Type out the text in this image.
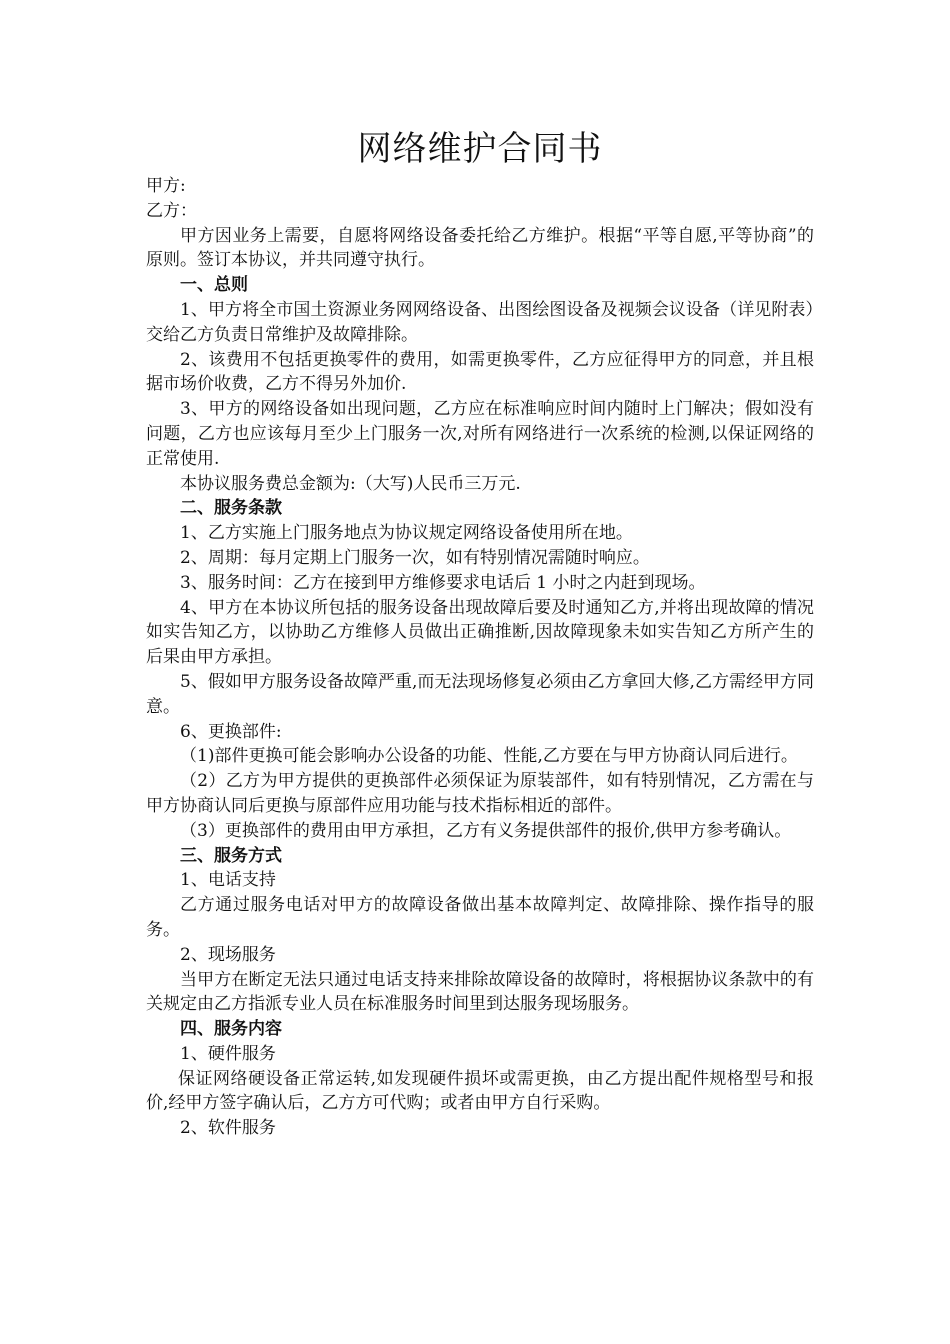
网络维护合同书

甲方:

乙方：

甲方因业务上需要，自愿将网络设备委托给乙方维护。根据“平等自愿,平等协商”的原则。签订本协议，并共同遵守执行。

一、总则

1、甲方将全市国土资源业务网网络设备、出图绘图设备及视频会议设备（详见附表）交给乙方负责日常维护及故障排除。

2、该费用不包括更换零件的费用，如需更换零件，乙方应征得甲方的同意，并且根据市场价收费，乙方不得另外加价.

3、甲方的网络设备如出现问题，乙方应在标准响应时间内随时上门解决；假如没有问题，乙方也应该每月至少上门服务一次,对所有网络进行一次系统的检测,以保证网络的正常使用.

本协议服务费总金额为:（大写)人民币三万元.

二、服务条款

1、乙方实施上门服务地点为协议规定网络设备使用所在地。

2、周期：每月定期上门服务一次，如有特别情况需随时响应。

3、服务时间：乙方在接到甲方维修要求电话后 1 小时之内赶到现场。

4、甲方在本协议所包括的服务设备出现故障后要及时通知乙方,并将出现故障的情况如实告知乙方，以协助乙方维修人员做出正确推断,因故障现象未如实告知乙方所产生的后果由甲方承担。

5、假如甲方服务设备故障严重,而无法现场修复必须由乙方拿回大修,乙方需经甲方同意。

6、更换部件:

（1)部件更换可能会影响办公设备的功能、性能,乙方要在与甲方协商认同后进行。

（2）乙方为甲方提供的更换部件必须保证为原装部件，如有特别情况，乙方需在与甲方协商认同后更换与原部件应用功能与技术指标相近的部件。

（3）更换部件的费用由甲方承担，乙方有义务提供部件的报价,供甲方参考确认。

三、服务方式

1、电话支持

乙方通过服务电话对甲方的故障设备做出基本故障判定、故障排除、操作指导的服务。

2、现场服务

当甲方在断定无法只通过电话支持来排除故障设备的故障时，将根据协议条款中的有关规定由乙方指派专业人员在标准服务时间里到达服务现场服务。

四、服务内容

1、硬件服务

保证网络硬设备正常运转,如发现硬件损坏或需更换，由乙方提出配件规格型号和报价,经甲方签字确认后，乙方方可代购；或者由甲方自行采购。

2、软件服务
